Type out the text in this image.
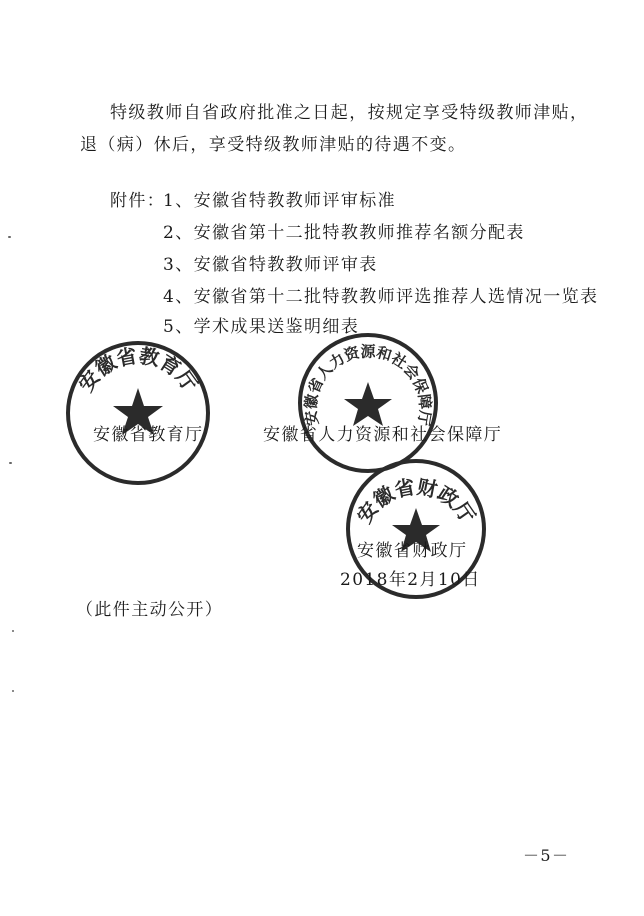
特级教师自省政府批准之日起，按规定享受特级教师津贴，
退（病）休后，享受特级教师津贴的待遇不变。
附件：
1、安徽省特教教师评审标准
2、安徽省第十二批特教教师推荐名额分配表
3、安徽省特教教师评审表
4、安徽省第十二批特教教师评选推荐人选情况一览表
5、学术成果送鉴明细表
安徽省教育厅
安徽省人力资源和社会保障厅
安徽省教育厅	安徽省人力资源和社会保障厅
安徽省财政厅
安徽省财政厅
2018年2月10日
（此件主动公开）
－5－
